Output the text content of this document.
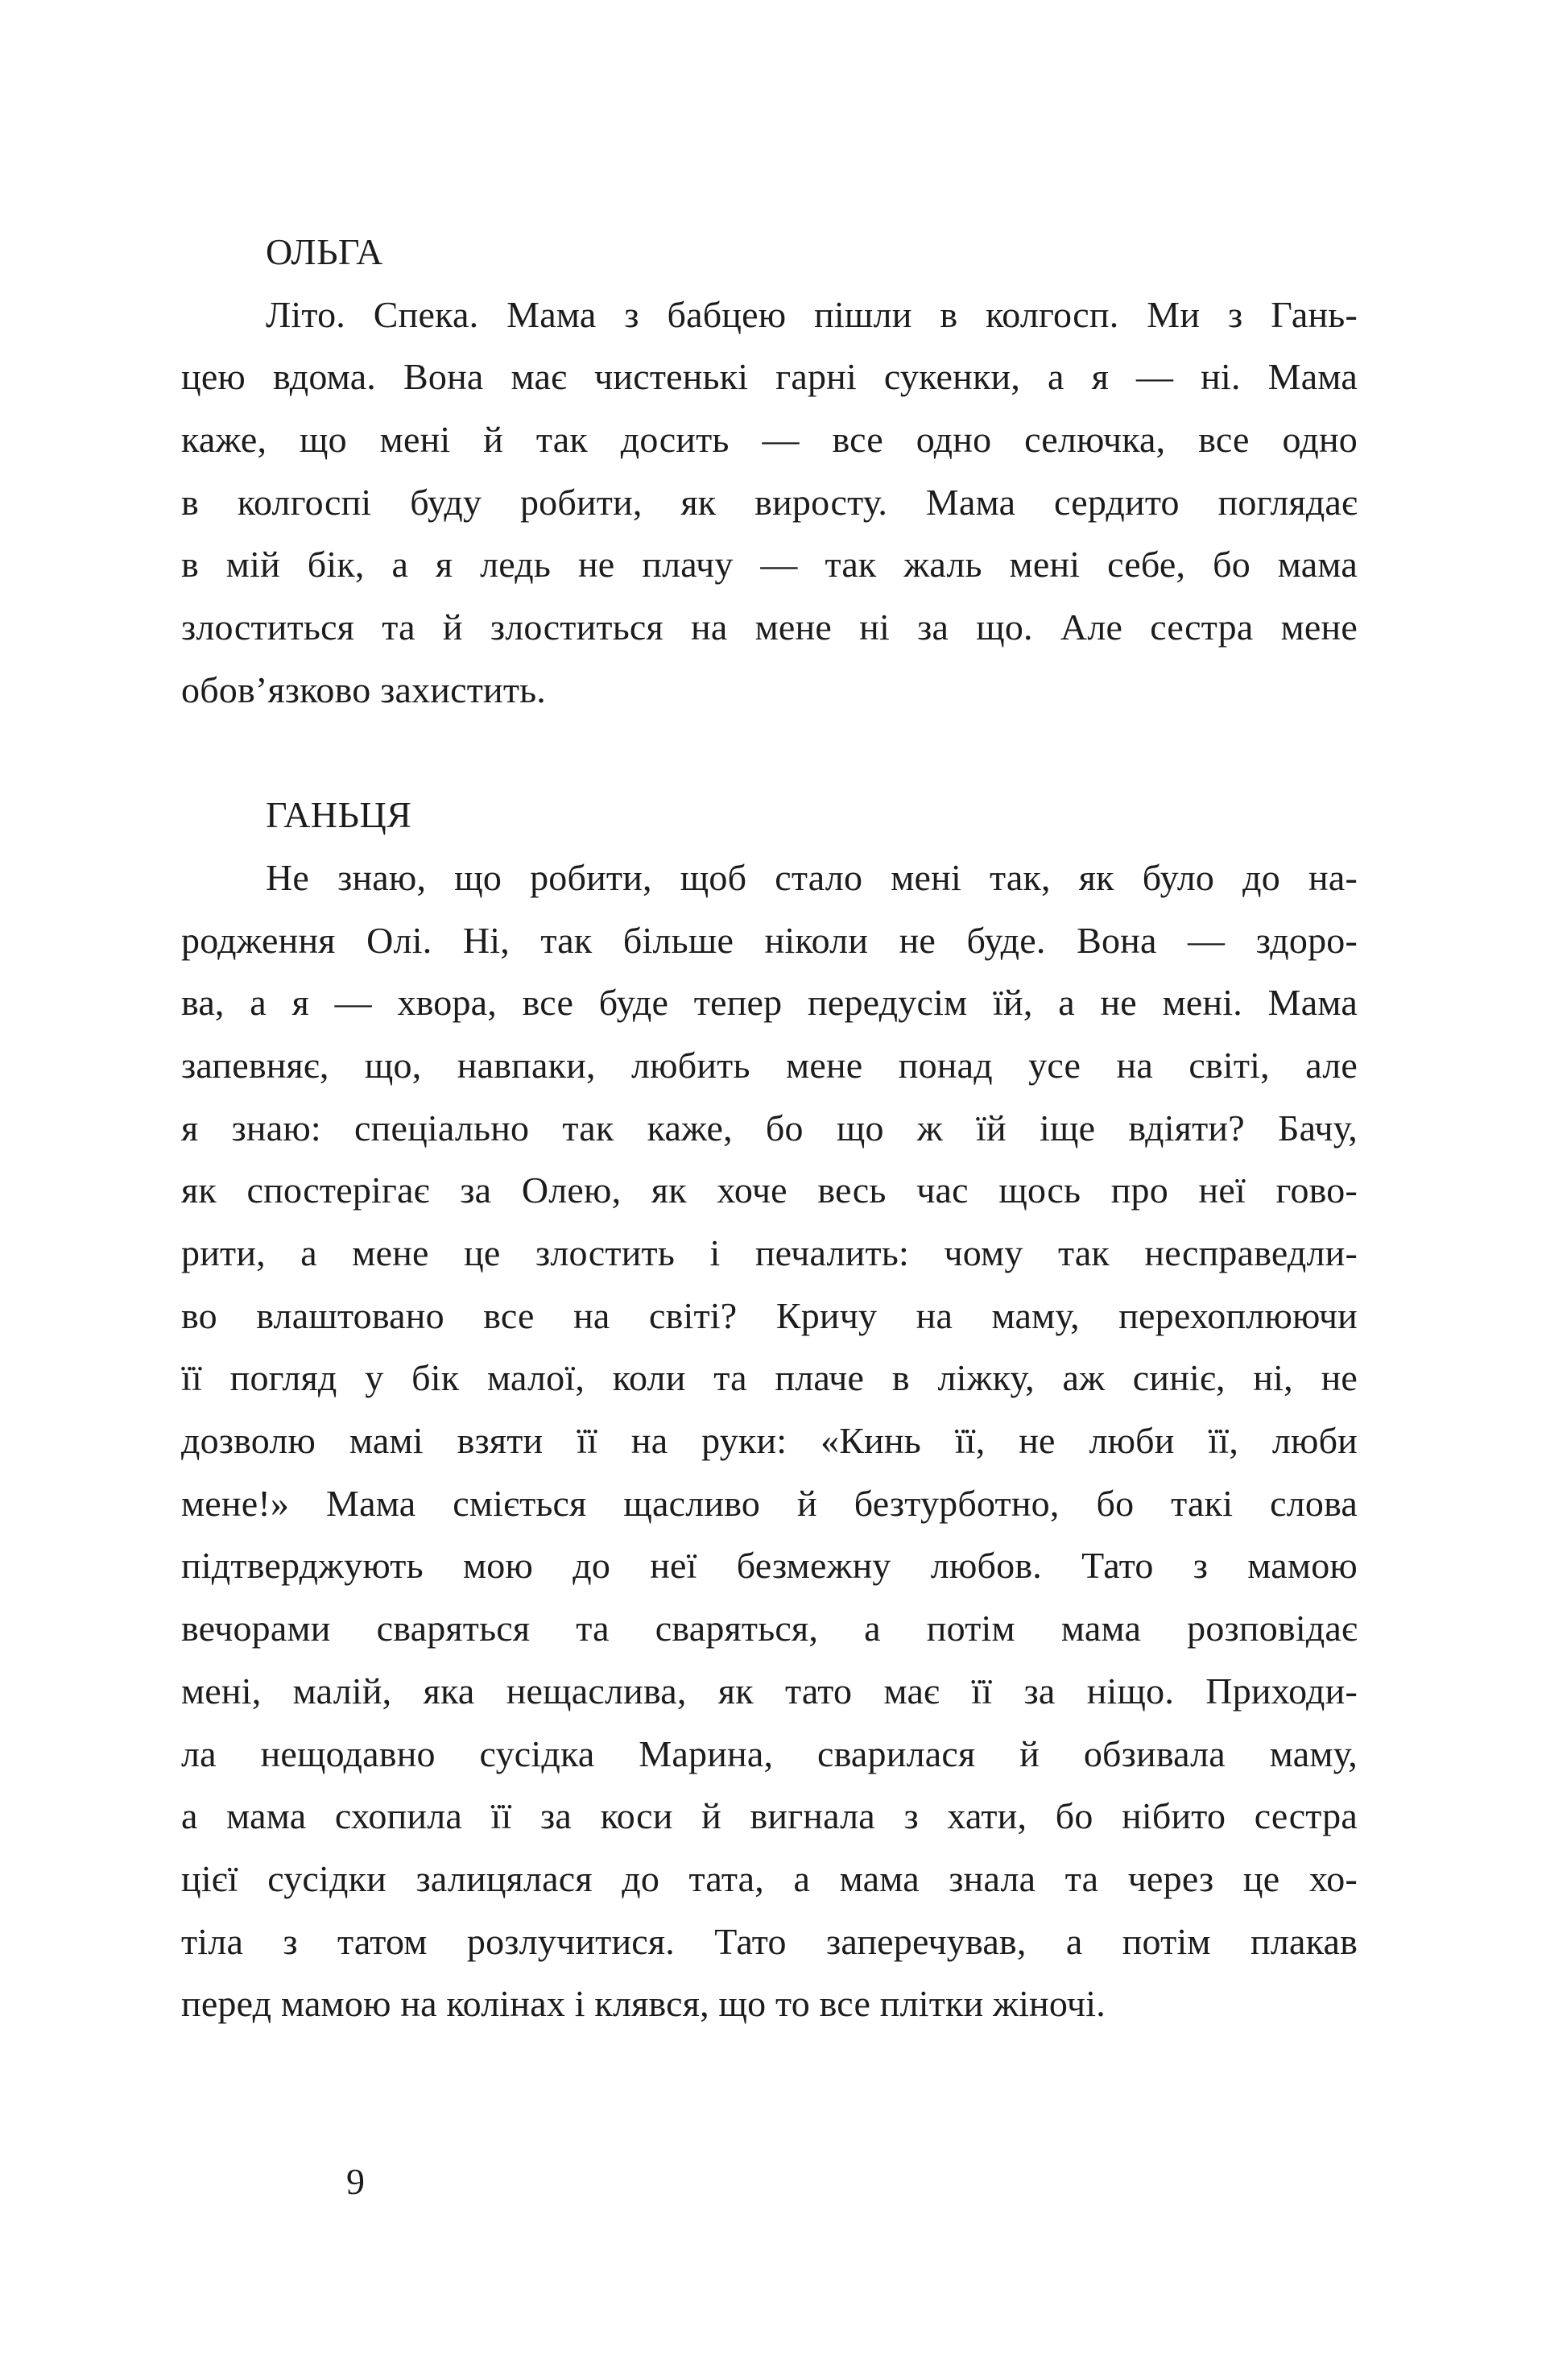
ОЛЬГА
Літо. Спека. Мама з бабцею пішли в колгосп. Ми з Гань-
цею вдома. Вона має чистенькі гарні сукенки, а я — ні. Мама
каже, що мені й так досить — все одно селючка, все одно
в колгоспі буду робити, як виросту. Мама сердито поглядає
в мій бік, а я ледь не плачу — так жаль мені себе, бо мама
злоститься та й злоститься на мене ні за що. Але сестра мене
обов’язково захистить.
ГАНЬЦЯ
Не знаю, що робити, щоб стало мені так, як було до на-
родження Олі. Ні, так більше ніколи не буде. Вона — здоро-
ва, а я — хвора, все буде тепер передусім їй, а не мені. Мама
запевняє, що, навпаки, любить мене понад усе на світі, але
я знаю: спеціально так каже, бо що ж їй іще вдіяти? Бачу,
як спостерігає за Олею, як хоче весь час щось про неї гово-
рити, а мене це злостить і печалить: чому так несправедли-
во влаштовано все на світі? Кричу на маму, перехоплюючи
її погляд у бік малої, коли та плаче в ліжку, аж синіє, ні, не
дозволю мамі взяти її на руки: «Кинь її, не люби її, люби
мене!» Мама сміється щасливо й безтурботно, бо такі слова
підтверджують мою до неї безмежну любов. Тато з мамою
вечорами сваряться та сваряться, а потім мама розповідає
мені, малій, яка нещаслива, як тато має її за ніщо. Приходи-
ла нещодавно сусідка Марина, сварилася й обзивала маму,
а мама схопила її за коси й вигнала з хати, бо нібито сестра
цієї сусідки залицялася до тата, а мама знала та через це хо-
тіла з татом розлучитися. Тато заперечував, а потім плакав
перед мамою на колінах і клявся, що то все плітки жіночі.
9
